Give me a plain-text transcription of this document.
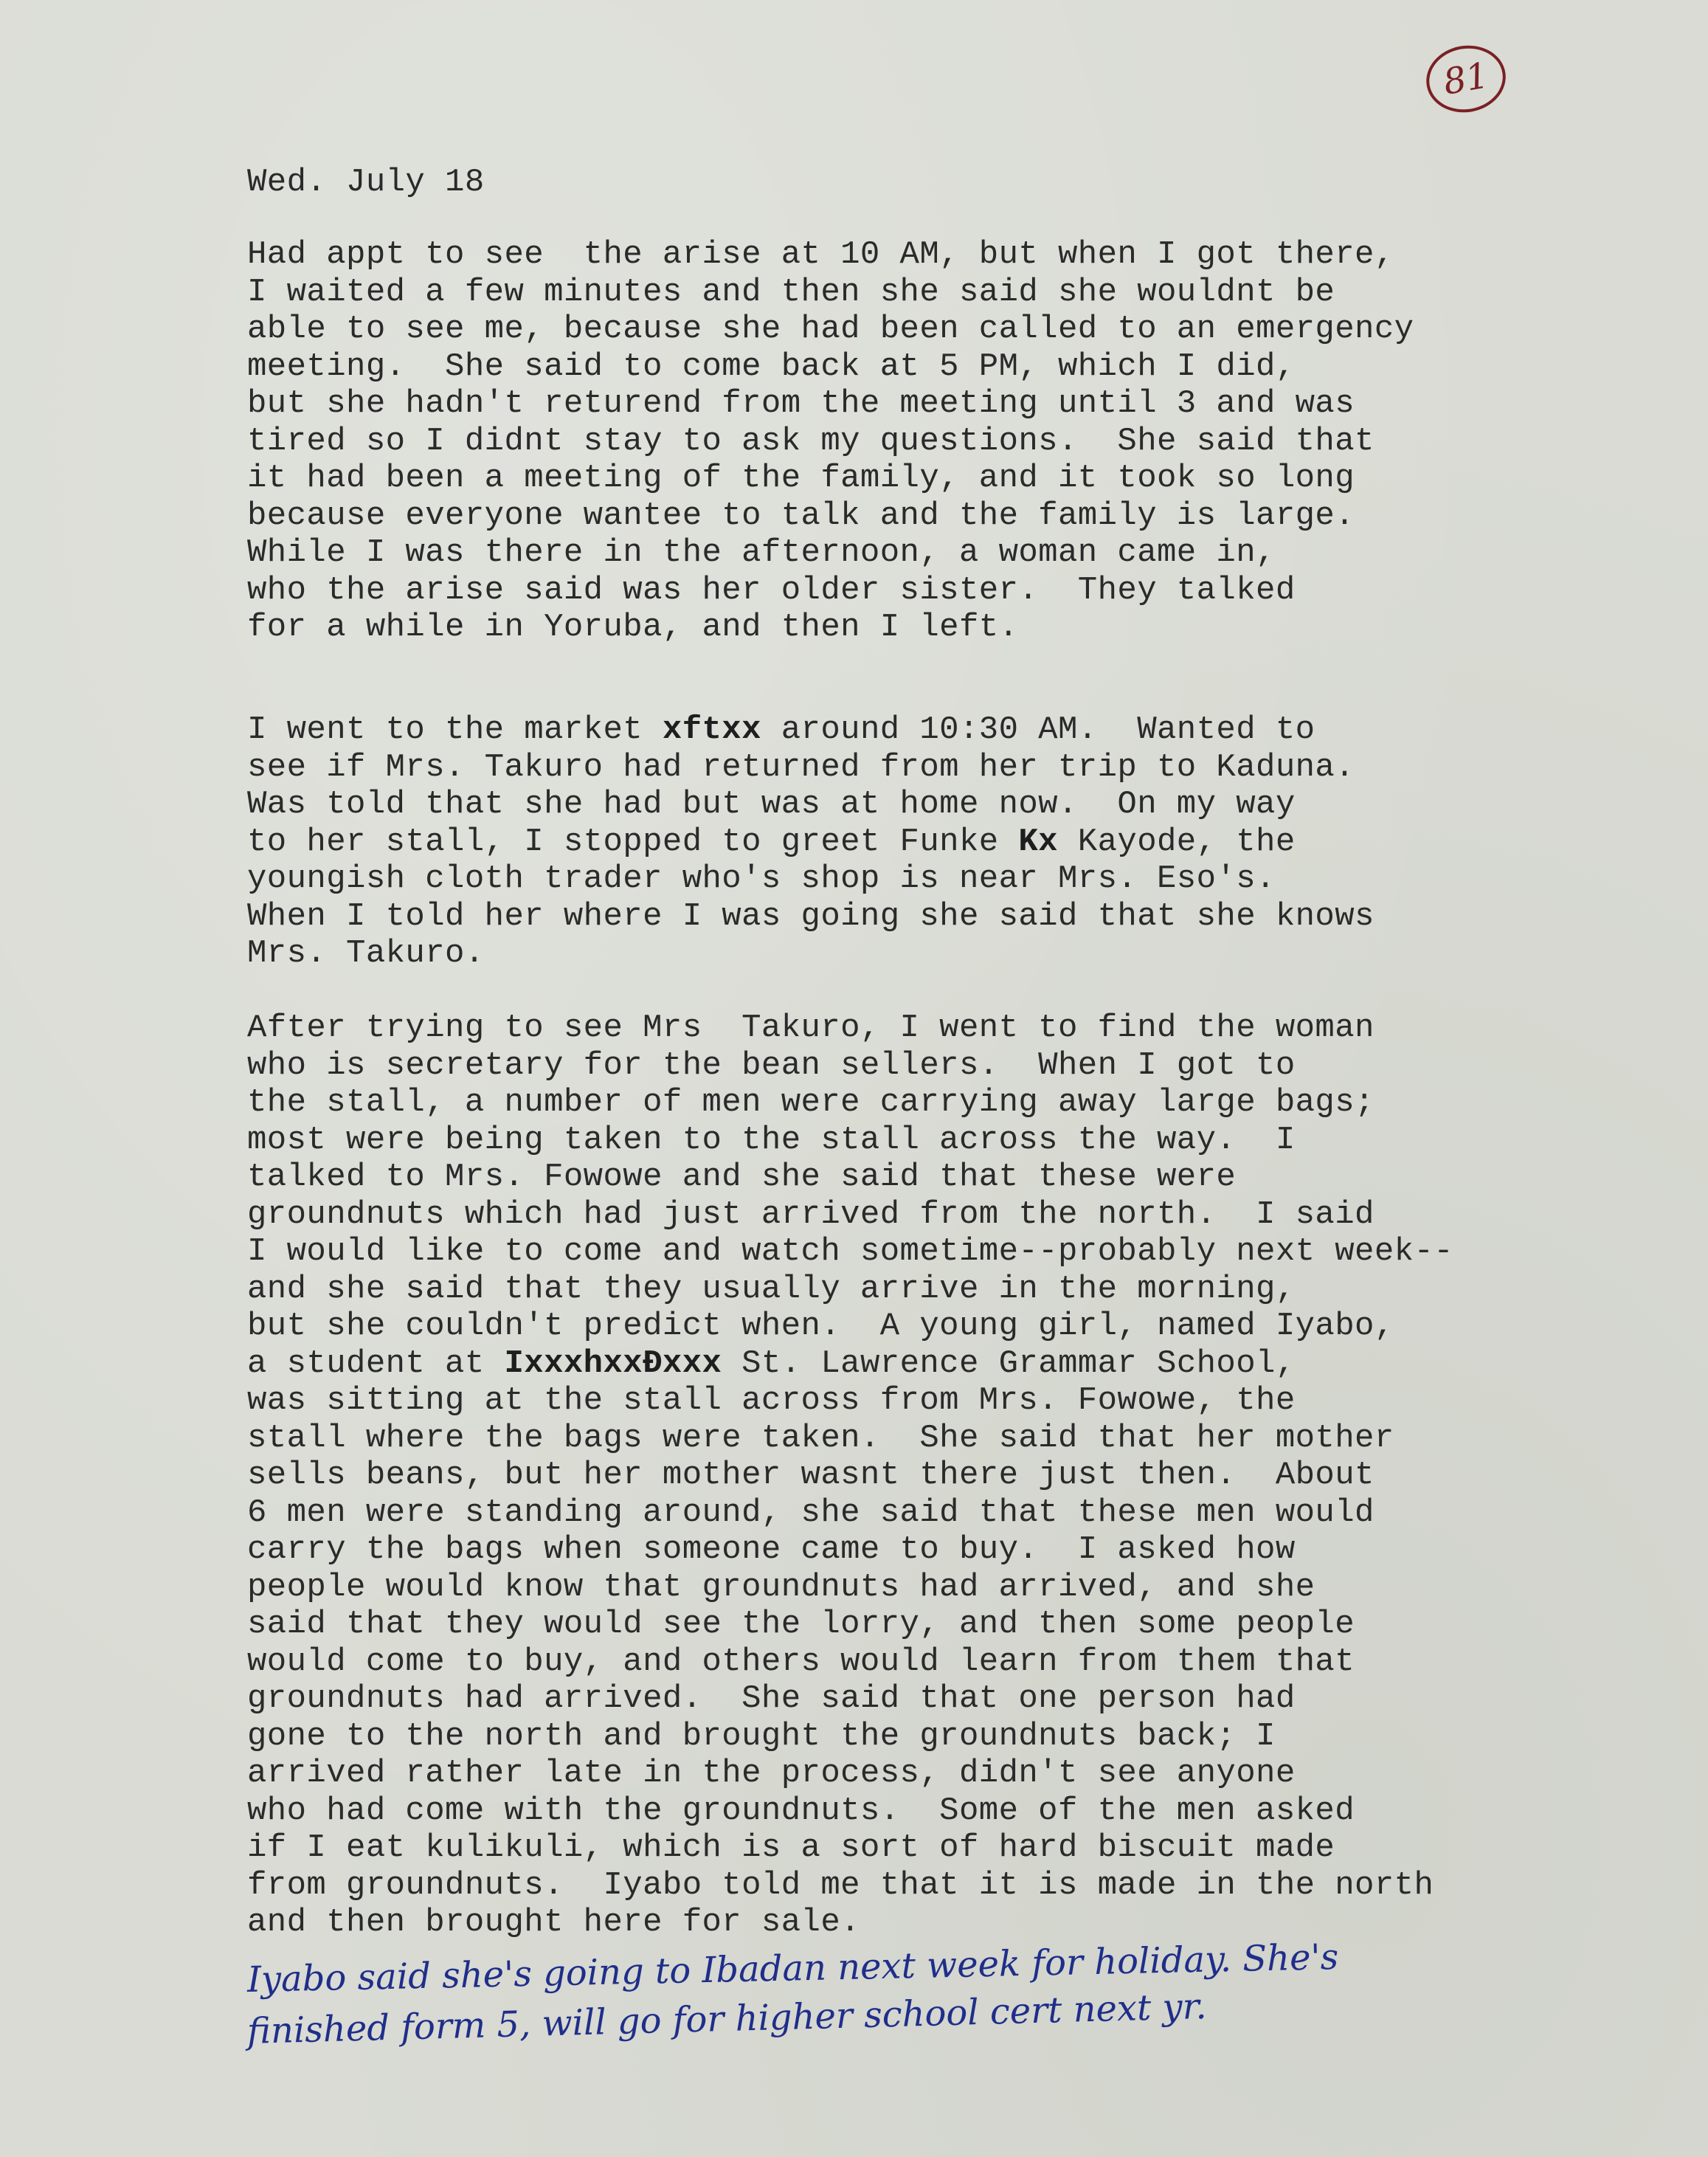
81
Wed. July 18
Had appt to see  the arise at 10 AM, but when I got there,
I waited a few minutes and then she said she wouldnt be
able to see me, because she had been called to an emergency
meeting.  She said to come back at 5 PM, which I did,
but she hadn't returend from the meeting until 3 and was
tired so I didnt stay to ask my questions.  She said that
it had been a meeting of the family, and it took so long
because everyone wantee to talk and the family is large.
While I was there in the afternoon, a woman came in,
who the arise said was her older sister.  They talked
for a while in Yoruba, and then I left.
I went to the market xftxx around 10:30 AM.  Wanted to
see if Mrs. Takuro had returned from her trip to Kaduna.
Was told that she had but was at home now.  On my way
to her stall, I stopped to greet Funke Kx Kayode, the
youngish cloth trader who's shop is near Mrs. Eso's.
When I told her where I was going she said that she knows
Mrs. Takuro.
After trying to see Mrs  Takuro, I went to find the woman
who is secretary for the bean sellers.  When I got to
the stall, a number of men were carrying away large bags;
most were being taken to the stall across the way.  I
talked to Mrs. Fowowe and she said that these were
groundnuts which had just arrived from the north.  I said
I would like to come and watch sometime--probably next week--
and she said that they usually arrive in the morning,
but she couldn't predict when.  A young girl, named Iyabo,
a student at IxxxhxxÐxxx St. Lawrence Grammar School,
was sitting at the stall across from Mrs. Fowowe, the
stall where the bags were taken.  She said that her mother
sells beans, but her mother wasnt there just then.  About
6 men were standing around, she said that these men would
carry the bags when someone came to buy.  I asked how
people would know that groundnuts had arrived, and she
said that they would see the lorry, and then some people
would come to buy, and others would learn from them that
groundnuts had arrived.  She said that one person had
gone to the north and brought the groundnuts back; I
arrived rather late in the process, didn't see anyone
who had come with the groundnuts.  Some of the men asked
if I eat kulikuli, which is a sort of hard biscuit made
from groundnuts.  Iyabo told me that it is made in the north
and then brought here for sale.
Iyabo said she's going to Ibadan next week for holiday. She's
finished form 5, will go for higher school cert next yr.
